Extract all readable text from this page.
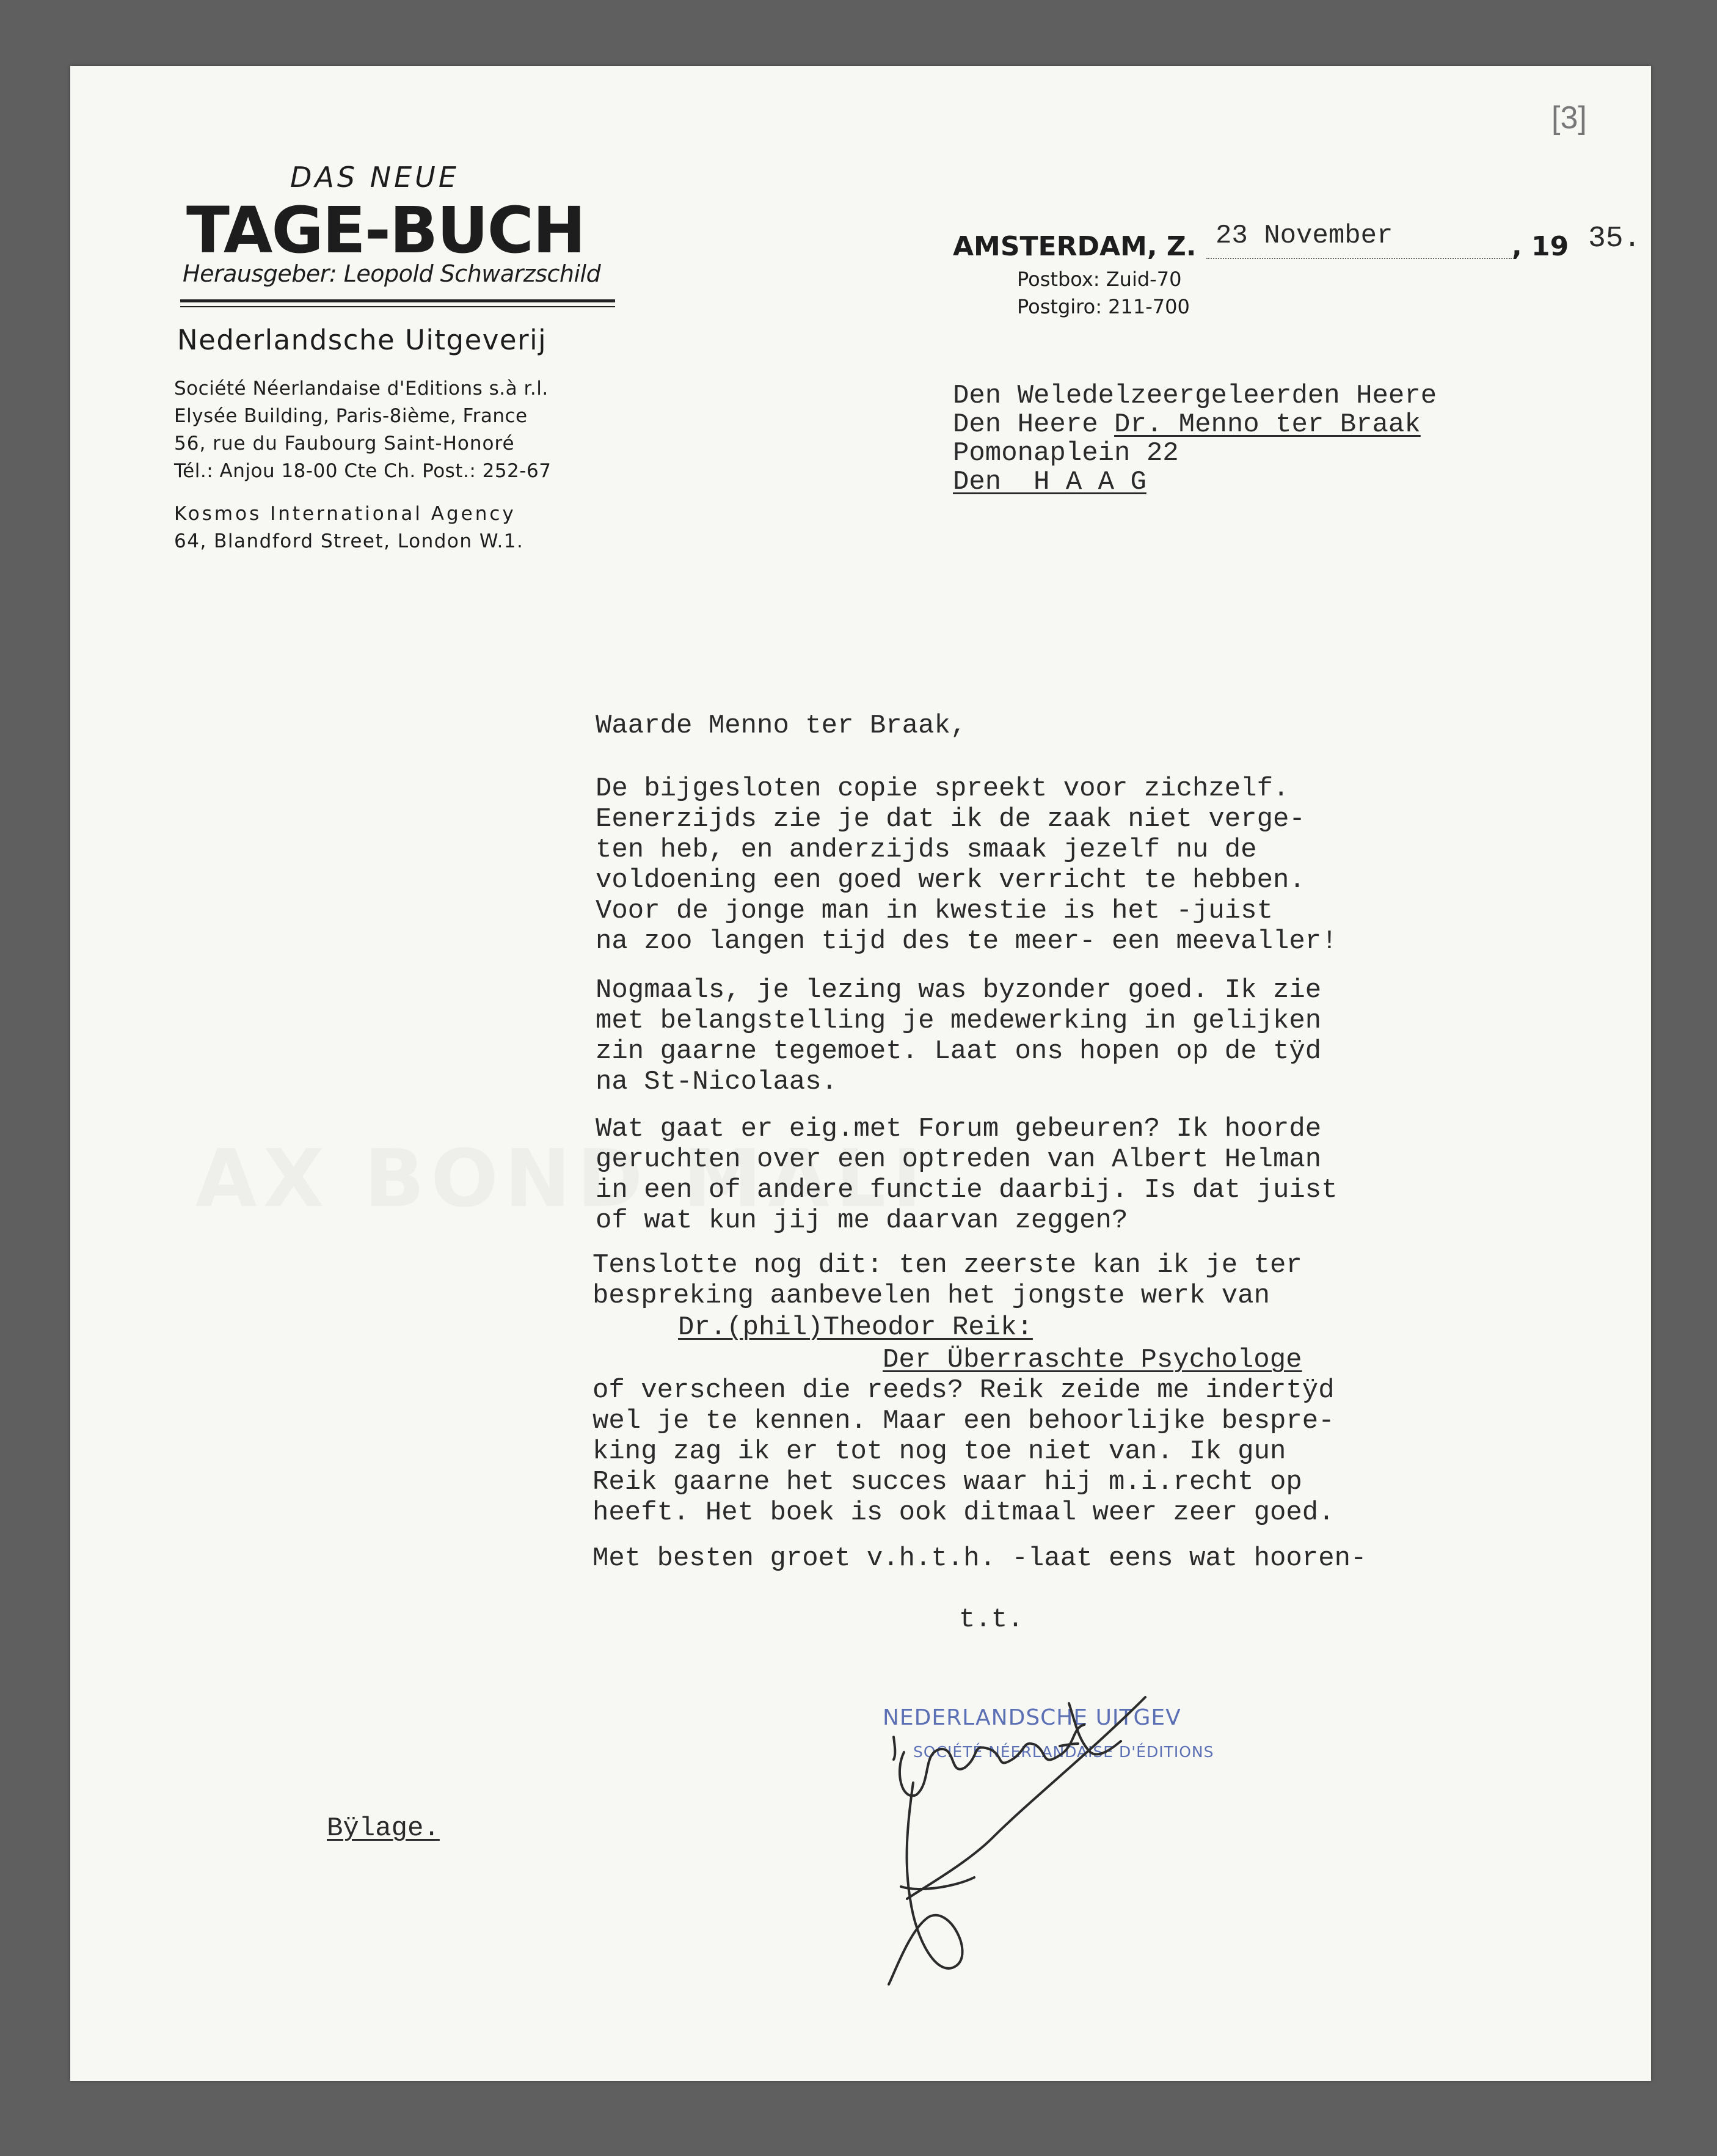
[3]
DAS NEUE
TAGE-BUCH
Herausgeber: Leopold Schwarzschild
Nederlandsche Uitgeverij
Société Néerlandaise d'Editions s.à r.l.
Elysée Building, Paris-8ième, France
56, rue du Faubourg Saint-Honoré
Tél.: Anjou 18-00 Cte Ch. Post.: 252-67
Kosmos International Agency
64, Blandford Street, London W.1.
AMSTERDAM, Z. 23 November	, 19 35.
Postbox: Zuid-70
Postgiro: 211-700
Den Weledelzeergeleerden Heere
Den Heere Dr. Menno ter Braak
Pomonaplein 22
Den  H A A G
Waarde Menno ter Braak,
De bijgesloten copie spreekt voor zichzelf.
Eenerzijds zie je dat ik de zaak niet verge-
ten heb, en anderzijds smaak jezelf nu de
voldoening een goed werk verricht te hebben.
Voor de jonge man in kwestie is het -juist
na zoo langen tijd des te meer- een meevaller!
Nogmaals, je lezing was byzonder goed. Ik zie
met belangstelling je medewerking in gelijken
zin gaarne tegemoet. Laat ons hopen op de tÿd
na St-Nicolaas.
Wat gaat er eig.met Forum gebeuren? Ik hoorde
geruchten over een optreden van Albert Helman
in een of andere functie daarbij. Is dat juist
of wat kun jij me daarvan zeggen?
Tenslotte nog dit: ten zeerste kan ik je ter
bespreking aanbevelen het jongste werk van
Dr.(phil)Theodor Reik:
Der Überraschte Psychologe
of verscheen die reeds? Reik zeide me indertÿd
wel je te kennen. Maar een behoorlijke bespre-
king zag ik er tot nog toe niet van. Ik gun
Reik gaarne het succes waar hij m.i.recht op
heeft. Het boek is ook ditmaal weer zeer goed.
Met besten groet v.h.t.h. -laat eens wat hooren-
t.t.
NEDERLANDSCHE UITGEV
SOCIÉTÉ NÉERLANDAISE D'ÉDITIONS
Bÿlage.
